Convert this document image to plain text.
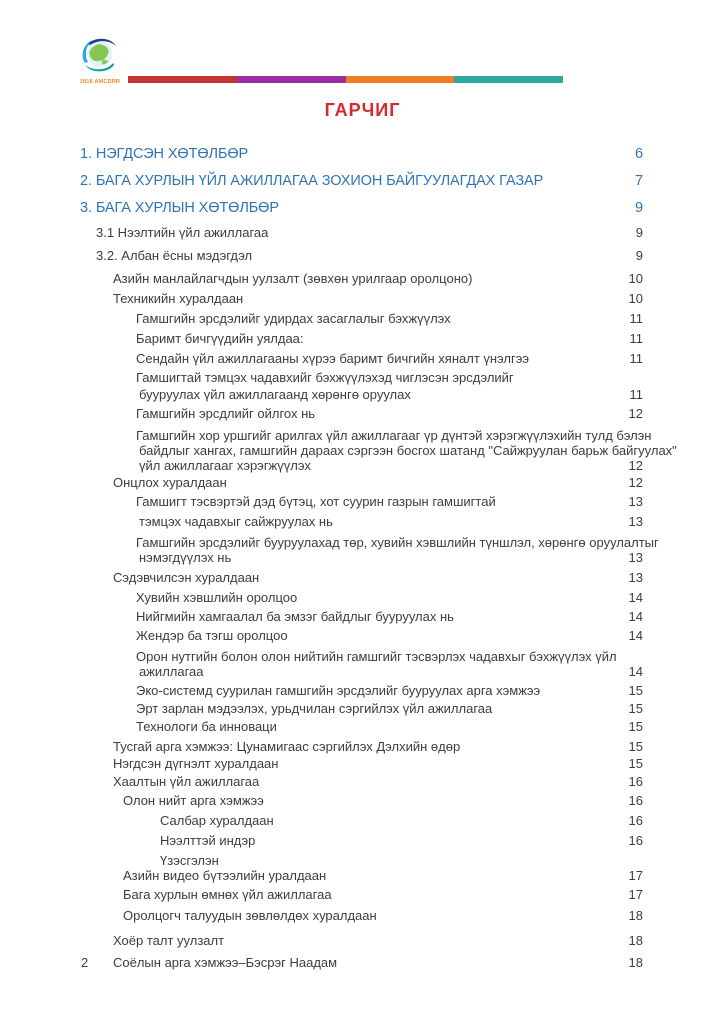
2018 AMCDRR
ГАРЧИГ
1. НЭГДСЭН ХӨТӨЛБӨР	6
2. БАГА ХУРЛЫН ҮЙЛ АЖИЛЛАГАА ЗОХИОН БАЙГУУЛАГДАХ ГАЗАР	7
3. БАГА ХУРЛЫН ХӨТӨЛБӨР	9
3.1 Нээлтийн үйл ажиллагаа	9
3.2. Албан ёсны мэдэгдэл	9
Азийн манлайлагчдын уулзалт (зөвхөн урилгаар оролцоно)	10
Техникийн хуралдаан	10
Гамшгийн эрсдэлийг удирдах засаглалыг бэхжүүлэх	11
Баримт бичгүүдийн уялдаа:	11
Сендайн үйл ажиллагааны хүрээ баримт бичгийн хяналт үнэлгээ	11
Гамшигтай тэмцэх чадавхийг бэхжүүлэхэд чиглэсэн эрсдэлийг
бууруулах үйл ажиллагаанд хөрөнгө оруулах	11
Гамшгийн эрсдлийг ойлгох нь	12
Гамшгийн хор уршгийг арилгах үйл ажиллагааг үр дүнтэй хэрэгжүүлэхийн тулд бэлэн
байдлыг хангах, гамшгийн дараах сэргээн босгох шатанд "Сайжруулан барьж байгуулах"
үйл ажиллагааг хэрэгжүүлэх	12
Онцлох хуралдаан	12
Гамшигт тэсвэртэй дэд бүтэц, хот суурин газрын гамшигтай	13
тэмцэх чадавхыг сайжруулах нь	13
Гамшгийн эрсдэлийг бууруулахад төр, хувийн хэвшлийн түншлэл, хөрөнгө оруулалтыг
нэмэгдүүлэх нь	13
Сэдэвчилсэн хуралдаан	13
Хувийн хэвшлийн оролцоо	14
Нийгмийн хамгаалал ба эмзэг байдлыг бууруулах нь	14
Жендэр ба тэгш оролцоо	14
Орон нутгийн болон олон нийтийн гамшгийг тэсвэрлэх чадавхыг бэхжүүлэх үйл
ажиллагаа	14
Эко-системд суурилан гамшгийн эрсдэлийг бууруулах арга хэмжээ	15
Эрт зарлан мэдээлэх, урьдчилан сэргийлэх үйл ажиллагаа	15
Технологи ба инноваци	15
Тусгай арга хэмжээ: Цунамигаас сэргийлэх Дэлхийн өдөр	15
Нэгдсэн дүгнэлт хуралдаан	15
Хаалтын үйл ажиллагаа	16
Олон нийт арга хэмжээ	16
Салбар хуралдаан	16
Нээлттэй индэр	16
Үзэсгэлэн
Азийн видео бүтээлийн уралдаан	17
Бага хурлын өмнөх үйл ажиллагаа	17
Оролцогч талуудын зөвлөлдөх хуралдаан	18
Хоёр талт уулзалт	18
Соёлын арга хэмжээ–Бэсрэг Наадам	18
2
